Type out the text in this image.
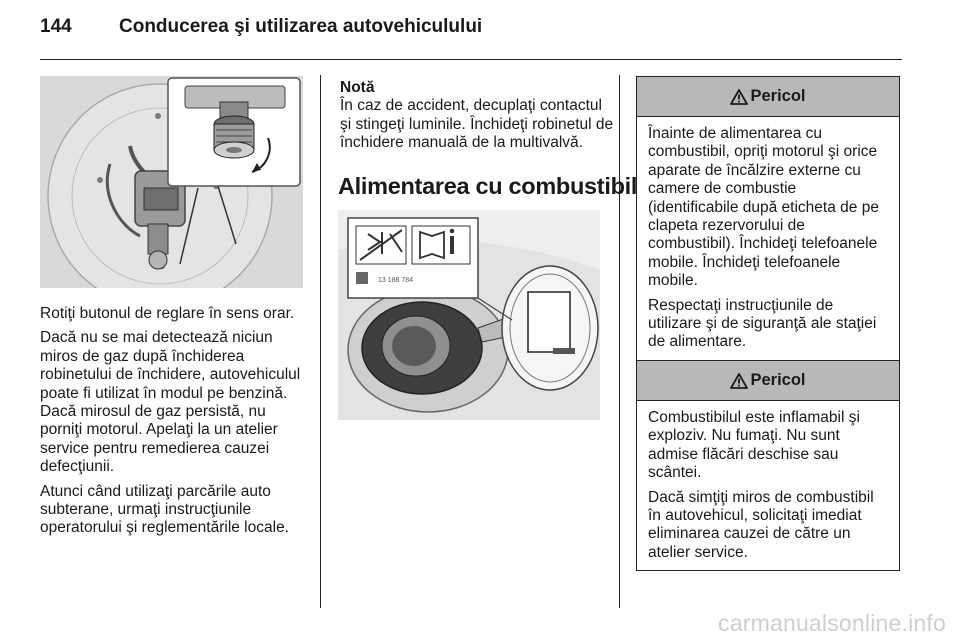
144 Conducerea şi utilizarea autovehiculului

Rotiţi butonul de reglare în sens orar.

Dacă nu se mai detectează niciun miros de gaz după închiderea robinetului de închidere, autovehiculul poate fi utilizat în modul pe benzină. Dacă mirosul de gaz persistă, nu porniţi motorul. Apelaţi la un atelier service pentru remedierea cauzei defecţiunii.

Atunci când utilizaţi parcările auto subterane, urmaţi instrucţiunile operatorului şi reglementările locale.

Notă
În caz de accident, decuplaţi contactul şi stingeţi luminile. Închideţi robinetul de închidere manuală de la multivalvă.
Alimentarea cu combustibil
13 188 784
Pericol

Înainte de alimentarea cu combustibil, opriţi motorul şi orice aparate de încălzire externe cu camere de combustie (identificabile după eticheta de pe clapeta rezervorului de combustibil). Închideţi telefoanele mobile. Închideţi telefoanele mobile.

Respectaţi instrucţiunile de utilizare şi de siguranţă ale staţiei de alimentare.

Pericol

Combustibilul este inflamabil şi exploziv. Nu fumaţi. Nu sunt admise flăcări deschise sau scântei.

Dacă simţiţi miros de combustibil în autovehicul, solicitaţi imediat eliminarea cauzei de către un atelier service.

carmanualsonline.info
